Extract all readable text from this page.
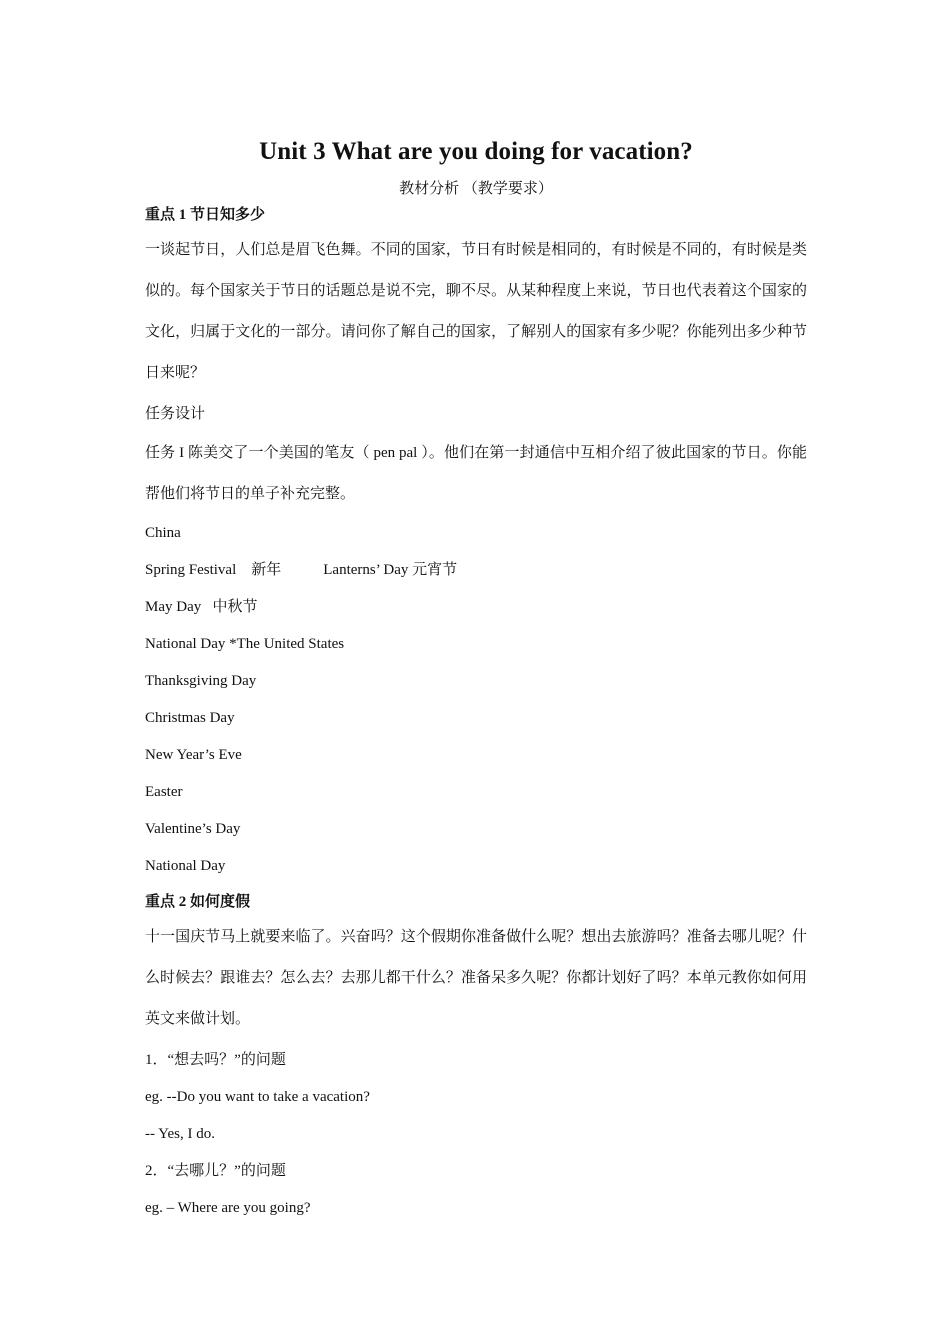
Unit 3 What are you doing for vacation?
教材分析 （教学要求）
重点 1 节日知多少

一谈起节日，人们总是眉飞色舞。不同的国家，节日有时候是相同的，有时候是不同的，有时候是类似的。每个国家关于节日的话题总是说不完，聊不尽。从某种程度上来说，节日也代表着这个国家的文化，归属于文化的一部分。请问你了解自己的国家，了解别人的国家有多少呢？你能列出多少种节日来呢？

任务设计

任务 I 陈美交了一个美国的笔友（ pen pal ）。他们在第一封通信中互相介绍了彼此国家的节日。你能帮他们将节日的单子补充完整。

China

Spring Festival    新年	Lanterns’ Day 元宵节

May Day   中秋节

National Day *The United States

Thanksgiving Day

Christmas Day

New Year’s Eve

Easter

Valentine’s Day

National Day

重点 2 如何度假

十一国庆节马上就要来临了。兴奋吗？这个假期你准备做什么呢？想出去旅游吗？准备去哪儿呢？什么时候去？跟谁去？怎么去？去那儿都干什么？准备呆多久呢？你都计划好了吗？本单元教你如何用英文来做计划。

1．“想去吗？”的问题

eg. --Do you want to take a vacation?

-- Yes, I do.

2．“去哪儿？”的问题

eg. – Where are you going?
